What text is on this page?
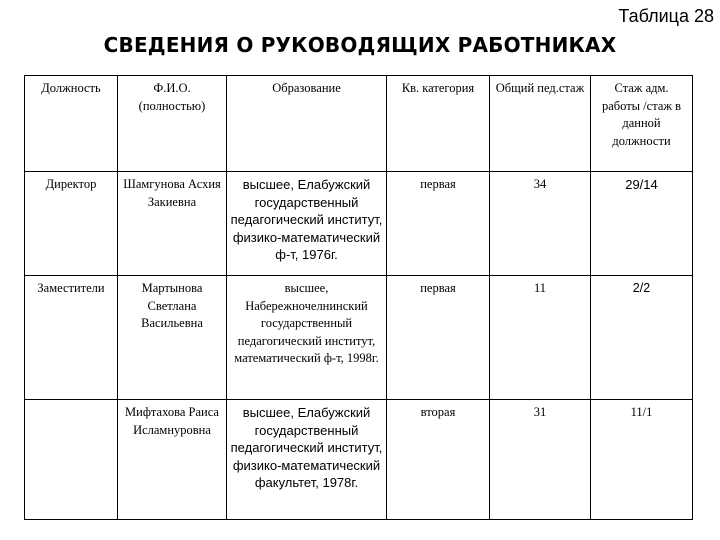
Таблица 28
СВЕДЕНИЯ О РУКОВОДЯЩИХ РАБОТНИКАХ
Должность	Ф.И.О. (полностью)	Образование	Кв. категория	Общий пед.стаж	Стаж адм. работы /стаж в данной должности
Директор	Шамгунова Асхия Закиевна	высшее, Елабужский государственный педагогический институт, физико-математический ф-т, 1976г.	первая	34	29/14
Заместители	Мартынова Светлана Васильевна	высшее, Набережночелнинский государственный педагогический институт, математический ф-т, 1998г.	первая	11	2/2
	Мифтахова Раиса Исламнуровна	высшее, Елабужский государственный педагогический институт, физико-математический факультет, 1978г.	вторая	31	11/1
